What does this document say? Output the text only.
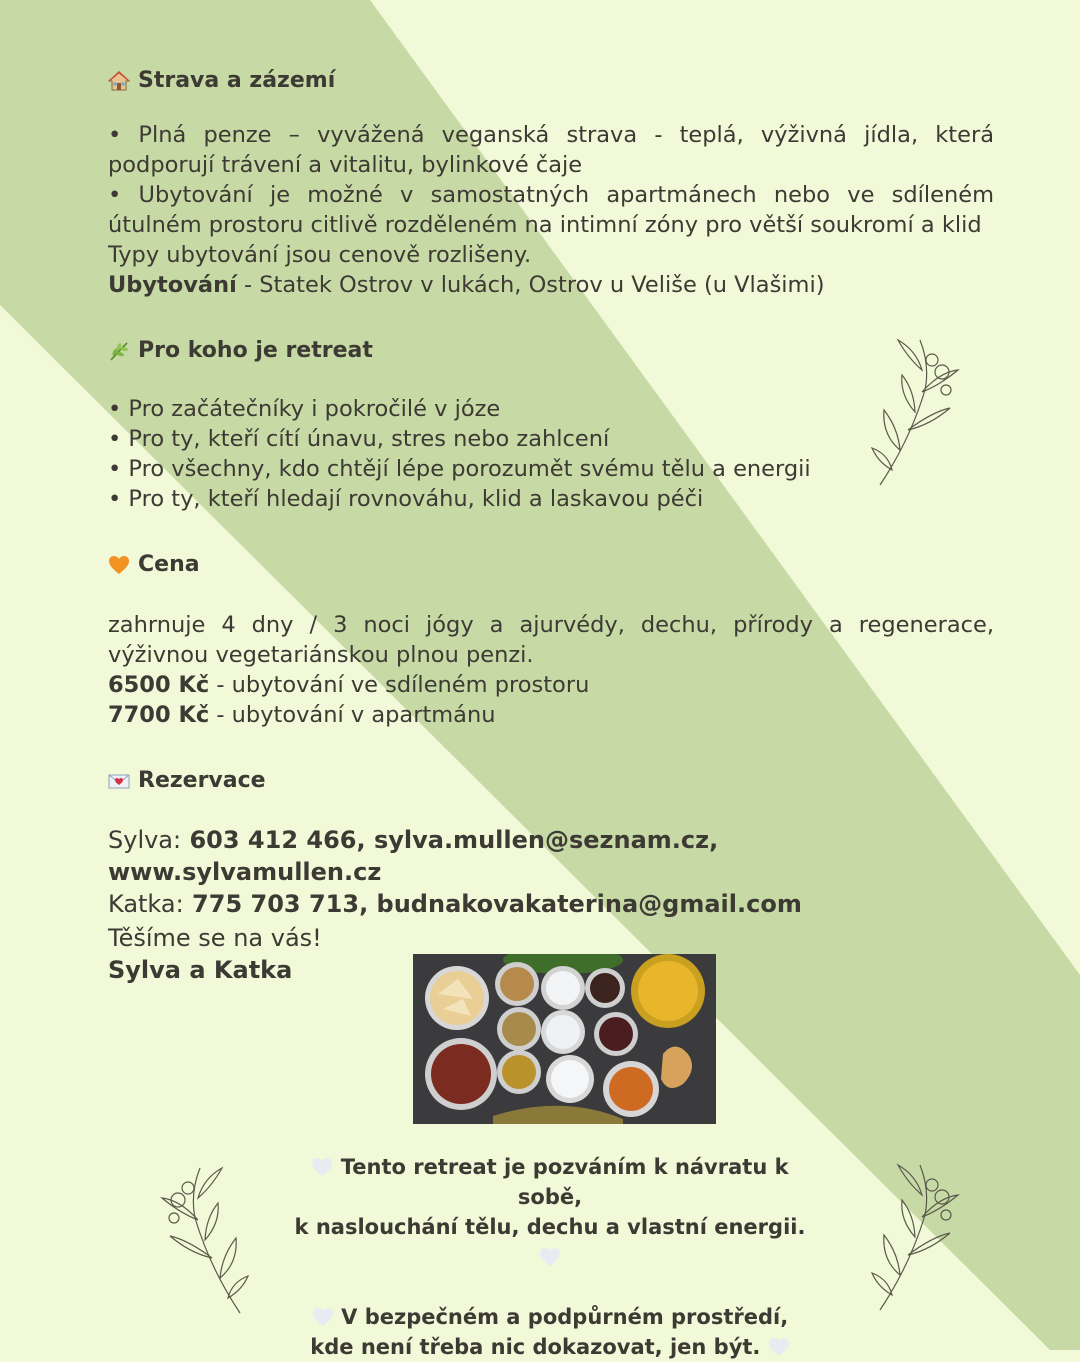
Strava a zázemí

• Plná penze – vyvážená veganská strava - teplá, výživná jídla, která podporují trávení a vitalitu, bylinkové čaje

• Ubytování je možné v samostatných apartmánech nebo ve sdíleném útulném prostoru citlivě rozděleném na intimní zóny pro větší soukromí a klid

Typy ubytování jsou cenově rozlišeny.

Ubytování - Statek Ostrov v lukách, Ostrov u Veliše (u Vlašimi)

Pro koho je retreat

• Pro začátečníky i pokročilé v józe

• Pro ty, kteří cítí únavu, stres nebo zahlcení

• Pro všechny, kdo chtějí lépe porozumět svému tělu a energii

• Pro ty, kteří hledají rovnováhu, klid a laskavou péči

Cena

zahrnuje 4 dny / 3 noci jógy a ajurvédy, dechu, přírody a regenerace, výživnou vegetariánskou plnou penzi.

6500 Kč - ubytování ve sdíleném prostoru

7700 Kč - ubytování v apartmánu

Rezervace

Sylva: 603 412 466, sylva.mullen@seznam.cz, www.sylvamullen.cz

Katka: 775 703 713, budnakovakaterina@gmail.com

Těšíme se na vás!

Sylva a Katka

Tento retreat je pozváním k návratu k sobě,
k naslouchání tělu, dechu a vlastní energii.
V bezpečném a podpůrném prostředí,
kde není třeba nic dokazovat, jen být.
